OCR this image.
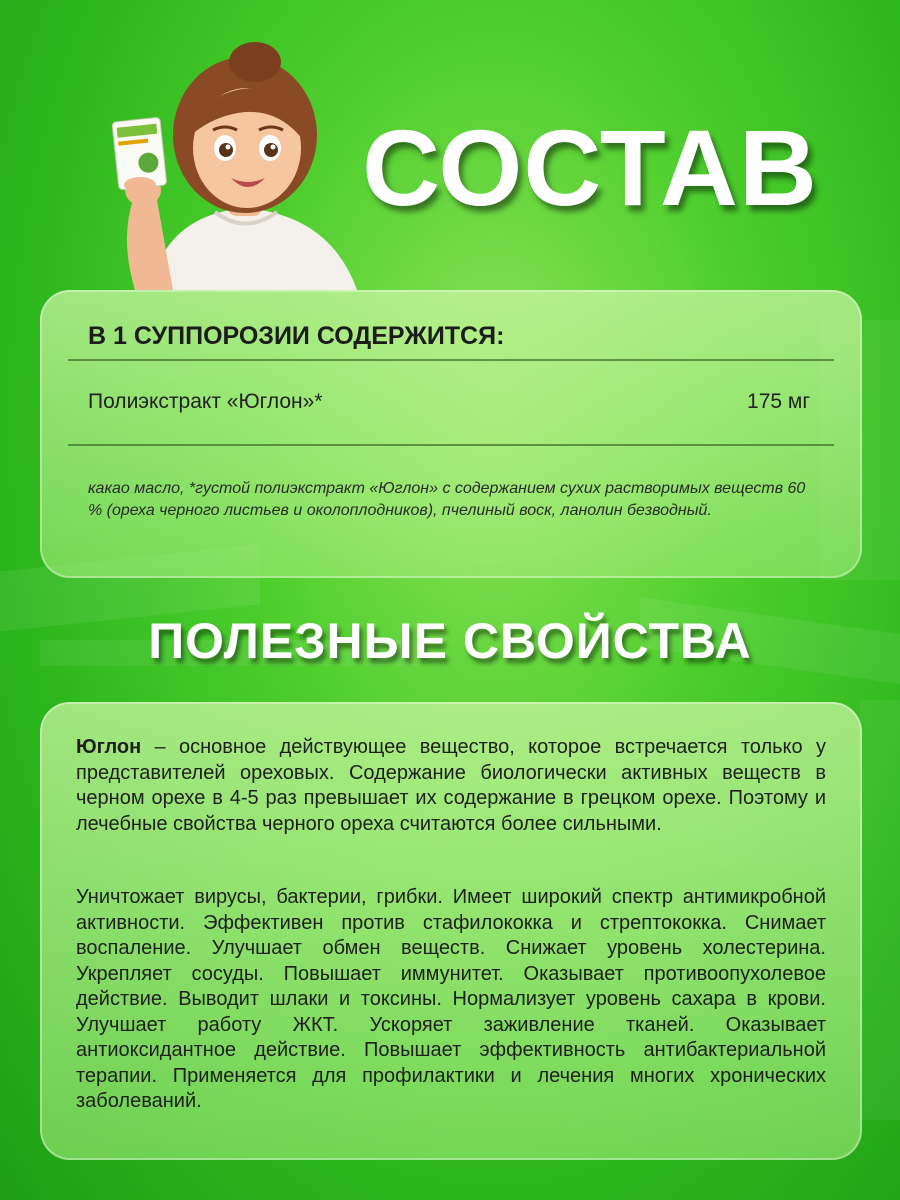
СОСТАВ
В 1 СУППОРОЗИИ СОДЕРЖИТСЯ:
Полиэкстракт «Юглон»*	175 мг
какао масло, *густой полиэкстракт «Юглон» с содержанием сухих растворимых веществ 60 % (ореха черного листьев и околоплодников), пчелиный воск, ланолин безводный.
ПОЛЕЗНЫЕ СВОЙСТВА
Юглон – основное действующее вещество, которое встречается только у представителей ореховых. Содержание биологически активных веществ в черном орехе в 4-5 раз превышает их содержание в грецком орехе. Поэтому и лечебные свойства черного ореха считаются более сильными.
Уничтожает вирусы, бактерии, грибки. Имеет широкий спектр антимикробной активности. Эффективен против стафилококка и стрептококка. Снимает воспаление. Улучшает обмен веществ. Снижает уровень холестерина. Укрепляет сосуды. Повышает иммунитет. Оказывает противоопухолевое действие. Выводит шлаки и токсины. Нормализует уровень сахара в крови. Улучшает работу ЖКТ. Ускоряет заживление тканей. Оказывает антиоксидантное действие. Повышает эффективность антибактериальной терапии. Применяется для профилактики и лечения многих хронических заболеваний.
